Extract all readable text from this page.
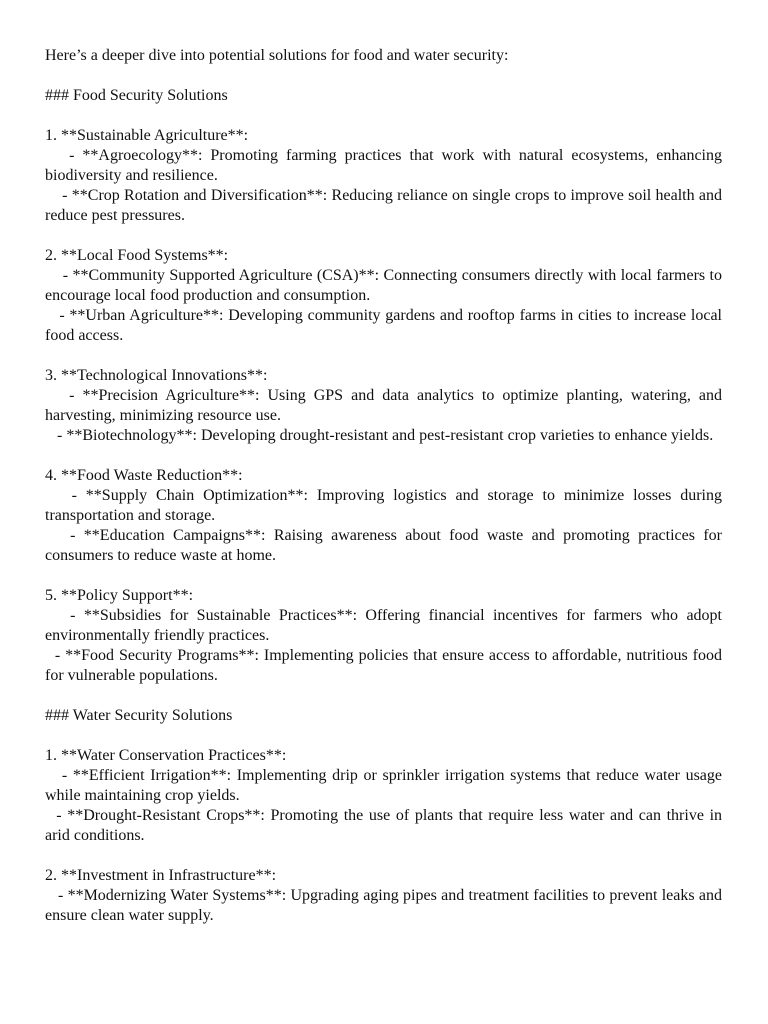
Here’s a deeper dive into potential solutions for food and water security:

### Food Security Solutions

1. **Sustainable Agriculture**:

- **Agroecology**: Promoting farming practices that work with natural ecosystems, enhancing biodiversity and resilience.

- **Crop Rotation and Diversification**: Reducing reliance on single crops to improve soil health and reduce pest pressures.

2. **Local Food Systems**:

- **Community Supported Agriculture (CSA)**: Connecting consumers directly with local farmers to encourage local food production and consumption.

- **Urban Agriculture**: Developing community gardens and rooftop farms in cities to increase local food access.

3. **Technological Innovations**:

- **Precision Agriculture**: Using GPS and data analytics to optimize planting, watering, and harvesting, minimizing resource use.

- **Biotechnology**: Developing drought-resistant and pest-resistant crop varieties to enhance yields.

4. **Food Waste Reduction**:

- **Supply Chain Optimization**: Improving logistics and storage to minimize losses during transportation and storage.

- **Education Campaigns**: Raising awareness about food waste and promoting practices for consumers to reduce waste at home.

5. **Policy Support**:

- **Subsidies for Sustainable Practices**: Offering financial incentives for farmers who adopt environmentally friendly practices.

- **Food Security Programs**: Implementing policies that ensure access to affordable, nutritious food for vulnerable populations.

### Water Security Solutions

1. **Water Conservation Practices**:

- **Efficient Irrigation**: Implementing drip or sprinkler irrigation systems that reduce water usage while maintaining crop yields.

- **Drought-Resistant Crops**: Promoting the use of plants that require less water and can thrive in arid conditions.

2. **Investment in Infrastructure**:

- **Modernizing Water Systems**: Upgrading aging pipes and treatment facilities to prevent leaks and ensure clean water supply.
